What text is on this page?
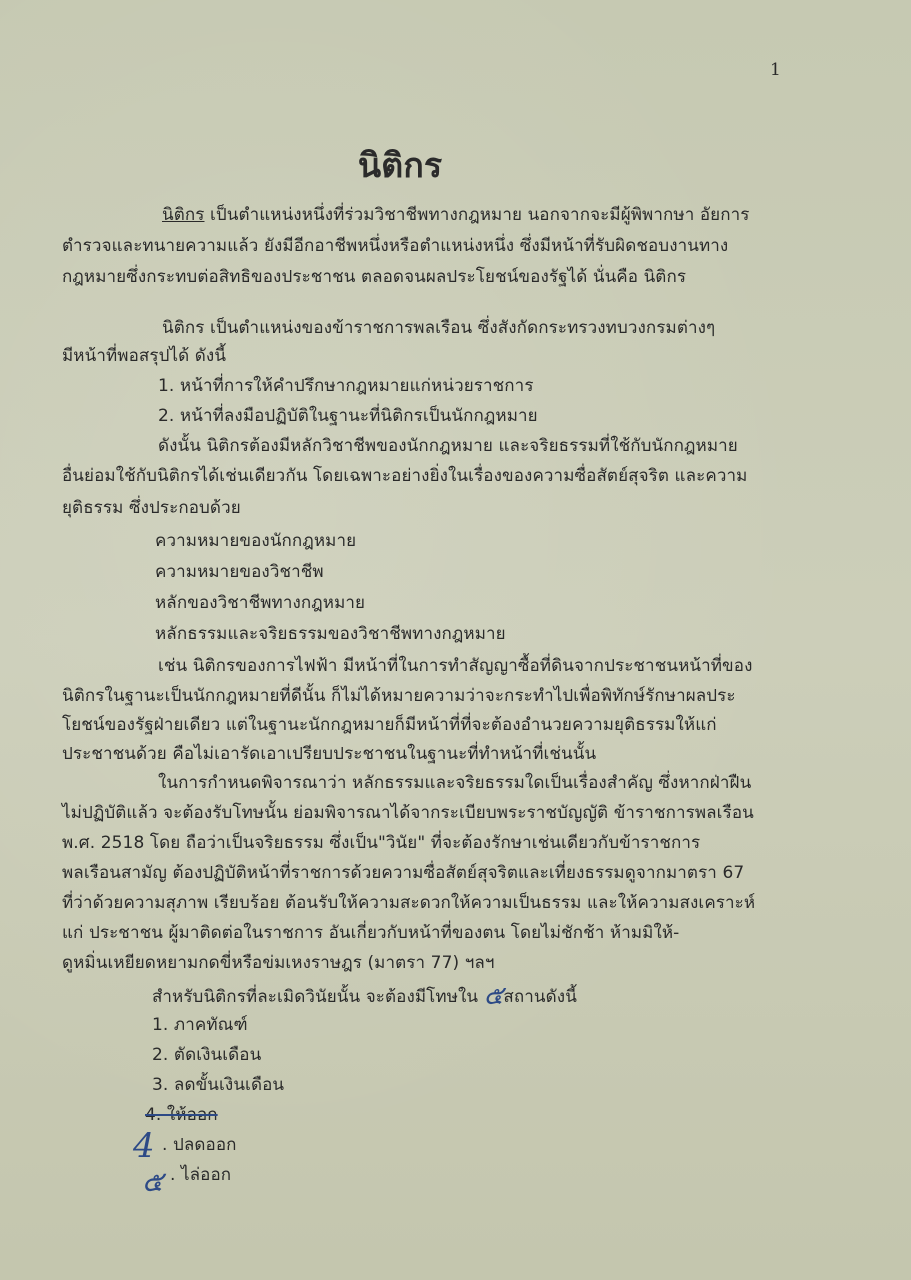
1
นิติกร
นิติกร เป็นตำแหน่งหนึ่งที่ร่วมวิชาชีพทางกฎหมาย นอกจากจะมีผู้พิพากษา อัยการ
ตำรวจและทนายความแล้ว ยังมีอีกอาชีพหนึ่งหรือตำแหน่งหนึ่ง ซึ่งมีหน้าที่รับผิดชอบงานทาง
กฎหมายซึ่งกระทบต่อสิทธิของประชาชน ตลอดจนผลประโยชน์ของรัฐได้ นั่นคือ นิติกร
นิติกร เป็นตำแหน่งของข้าราชการพลเรือน ซึ่งสังกัดกระทรวงทบวงกรมต่างๆ
มีหน้าที่พอสรุปได้ ดังนี้
1. หน้าที่การให้คำปรึกษากฎหมายแก่หน่วยราชการ
2. หน้าที่ลงมือปฏิบัติในฐานะที่นิติกรเป็นนักกฎหมาย
ดังนั้น นิติกรต้องมีหลักวิชาชีพของนักกฎหมาย และจริยธรรมที่ใช้กับนักกฎหมาย
อื่นย่อมใช้กับนิติกรได้เช่นเดียวกัน โดยเฉพาะอย่างยิ่งในเรื่องของความซื่อสัตย์สุจริต และความ
ยุติธรรม ซึ่งประกอบด้วย
ความหมายของนักกฎหมาย
ความหมายของวิชาชีพ
หลักของวิชาชีพทางกฎหมาย
หลักธรรมและจริยธรรมของวิชาชีพทางกฎหมาย
เช่น นิติกรของการไฟฟ้า มีหน้าที่ในการทำสัญญาซื้อที่ดินจากประชาชนหน้าที่ของ
นิติกรในฐานะเป็นนักกฎหมายที่ดีนั้น ก็ไม่ได้หมายความว่าจะกระทำไปเพื่อพิทักษ์รักษาผลประ
โยชน์ของรัฐฝ่ายเดียว แต่ในฐานะนักกฎหมายก็มีหน้าที่ที่จะต้องอำนวยความยุติธรรมให้แก่
ประชาชนด้วย คือไม่เอารัดเอาเปรียบประชาชนในฐานะที่ทำหน้าที่เช่นนั้น
ในการกำหนดพิจารณาว่า หลักธรรมและจริยธรรมใดเป็นเรื่องสำคัญ ซึ่งหากฝ่าฝืน
ไม่ปฏิบัติแล้ว จะต้องรับโทษนั้น ย่อมพิจารณาได้จากระเบียบพระราชบัญญัติ ข้าราชการพลเรือน
พ.ศ. 2518 โดย ถือว่าเป็นจริยธรรม ซึ่งเป็น"วินัย" ที่จะต้องรักษาเช่นเดียวกับข้าราชการ
พลเรือนสามัญ ต้องปฏิบัติหน้าที่ราชการด้วยความซื่อสัตย์สุจริตและเที่ยงธรรมดูจากมาตรา 67
ที่ว่าด้วยความสุภาพ เรียบร้อย ต้อนรับให้ความสะดวกให้ความเป็นธรรม และให้ความสงเคราะห์
แก่ ประชาชน ผู้มาติดต่อในราชการ อันเกี่ยวกับหน้าที่ของตน โดยไม่ชักช้า ห้ามมิให้-
ดูหมิ่นเหยียดหยามกดขี่หรือข่มเหงราษฎร (มาตรา 77) ฯลฯ
สำหรับนิติกรที่ละเมิดวินัยนั้น จะต้องมีโทษใน ๕สถานดังนี้
1. ภาคทัณฑ์
2. ตัดเงินเดือน
3. ลดขั้นเงินเดือน
4. ให้ออก
4 . ปลดออก
๕ . ไล่ออก
